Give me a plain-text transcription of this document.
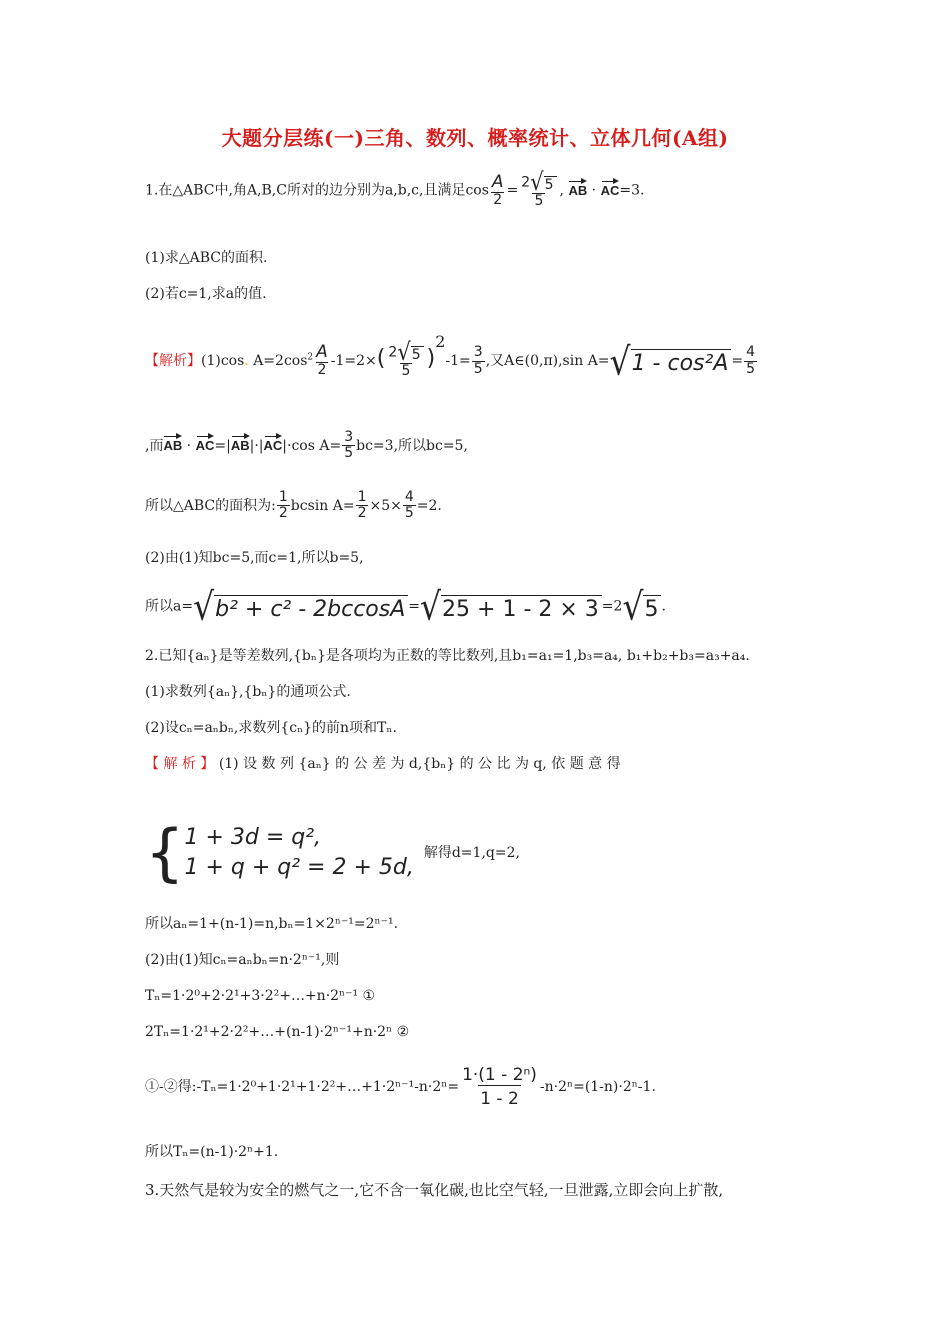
大题分层练(一)三角、数列、概率统计、立体几何(A组)
1.在△ABC中,角A,B,C所对的边分别为a,b,c,且满足$\cos \frac{A}{2} = \frac{2 √ 5}{5}$ , AB · AC=3.
(1)求△ABC的面积.
(2)若c=1,求a的值.
【解析】(1)cos. $A=2\cos^2 \frac{A}{2} -1=2\times( \frac{2 √ 5}{5} )^2-1= \frac{3}{5}$ ,又A∈(0,π),sin A= √ $1 - \cos^2A = \frac{4}{5}$
,而AB · AC=|AB|·|AC|·cos $A= \frac{3}{5} bc=3$,所以bc=5,
所以△ABC的面积为: $\frac{1}{2}$ bcsin $A= \frac{1}{2} \times 5\times \frac{4}{5} =2$.
(2)由(1)知bc=5,而c=1,所以b=5,
所以a= √ b² + c² - 2bccosA = √ 25 + 1 - 2 × 3 =2 √ 5 .
2.已知{aₙ}是等差数列,{bₙ}是各项均为正数的等比数列,且b₁=a₁=1,b₃=a₄, b₁+b₂+b₃=a₃+a₄.
(1)求数列{aₙ},{bₙ}的通项公式.
(2)设cₙ=aₙbₙ,求数列{cₙ}的前n项和Tₙ.
【 解 析 】 (1) 设 数 列 {aₙ} 的 公 差 为 d,{bₙ} 的 公 比 为 q, 依 题 意 得
{ 1 + 3d = q²,
1 + q + q² = 2 + 5d,
解得d=1,q=2,
所以aₙ=1+(n-1)=n,bₙ=1×2ⁿ⁻¹=2ⁿ⁻¹.
(2)由(1)知cₙ=aₙbₙ=n·2ⁿ⁻¹,则
Tₙ=1·2⁰+2·2¹+3·2²+…+n·2ⁿ⁻¹ ①
2Tₙ=1·2¹+2·2²+…+(n-1)·2ⁿ⁻¹+n·2ⁿ ②
①-②得:-Tₙ=1·2⁰+1·2¹+1·2²+…+1·2ⁿ⁻¹-n·2ⁿ= $\frac{\text{1·(1 - 2ⁿ)}}{1 - 2} -n\cdot 2^n=(1-n)\cdot 2^n-1$.
所以Tₙ=(n-1)·2ⁿ+1.
3.天然气是较为安全的燃气之一,它不含一氧化碳,也比空气轻,一旦泄露,立即会向上扩散,
